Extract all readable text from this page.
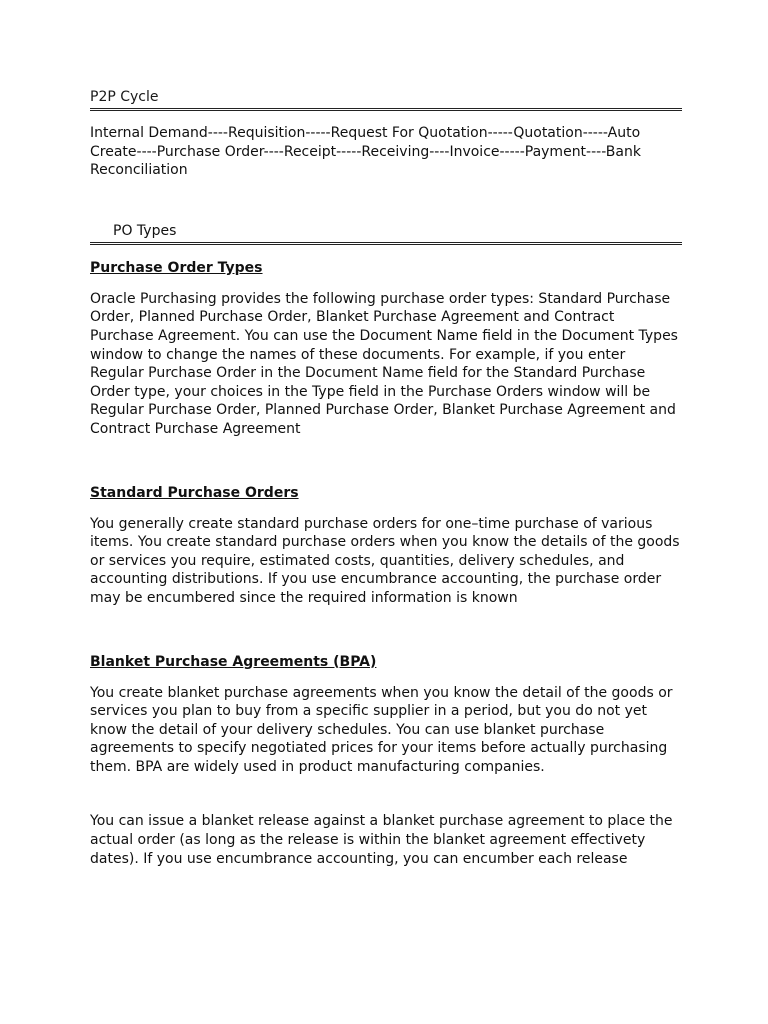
P2P Cycle

Internal Demand----Requisition-----Request For Quotation-----Quotation-----Auto Create----Purchase Order----Receipt-----Receiving----Invoice-----Payment----Bank Reconciliation

PO Types
Purchase Order Types

Oracle Purchasing provides the following purchase order types: Standard Purchase Order, Planned Purchase Order, Blanket Purchase Agreement and Contract Purchase Agreement. You can use the Document Name field in the Document Types window to change the names of these documents. For example, if you enter Regular Purchase Order in the Document Name field for the Standard Purchase Order type, your choices in the Type field in the Purchase Orders window will be Regular Purchase Order, Planned Purchase Order, Blanket Purchase Agreement and Contract Purchase Agreement

Standard Purchase Orders

You generally create standard purchase orders for one–time purchase of various items. You create standard purchase orders when you know the details of the goods or services you require, estimated costs, quantities, delivery schedules, and accounting distributions. If you use encumbrance accounting, the purchase order may be encumbered since the required information is known

Blanket Purchase Agreements (BPA)

You create blanket purchase agreements when you know the detail of the goods or services you plan to buy from a specific supplier in a period, but you do not yet know the detail of your delivery schedules. You can use blanket purchase agreements to specify negotiated prices for your items before actually purchasing them. BPA are widely used in product manufacturing companies.

You can issue a blanket release against a blanket purchase agreement to place the actual order (as long as the release is within the blanket agreement effectivety dates). If you use encumbrance accounting, you can encumber each release
